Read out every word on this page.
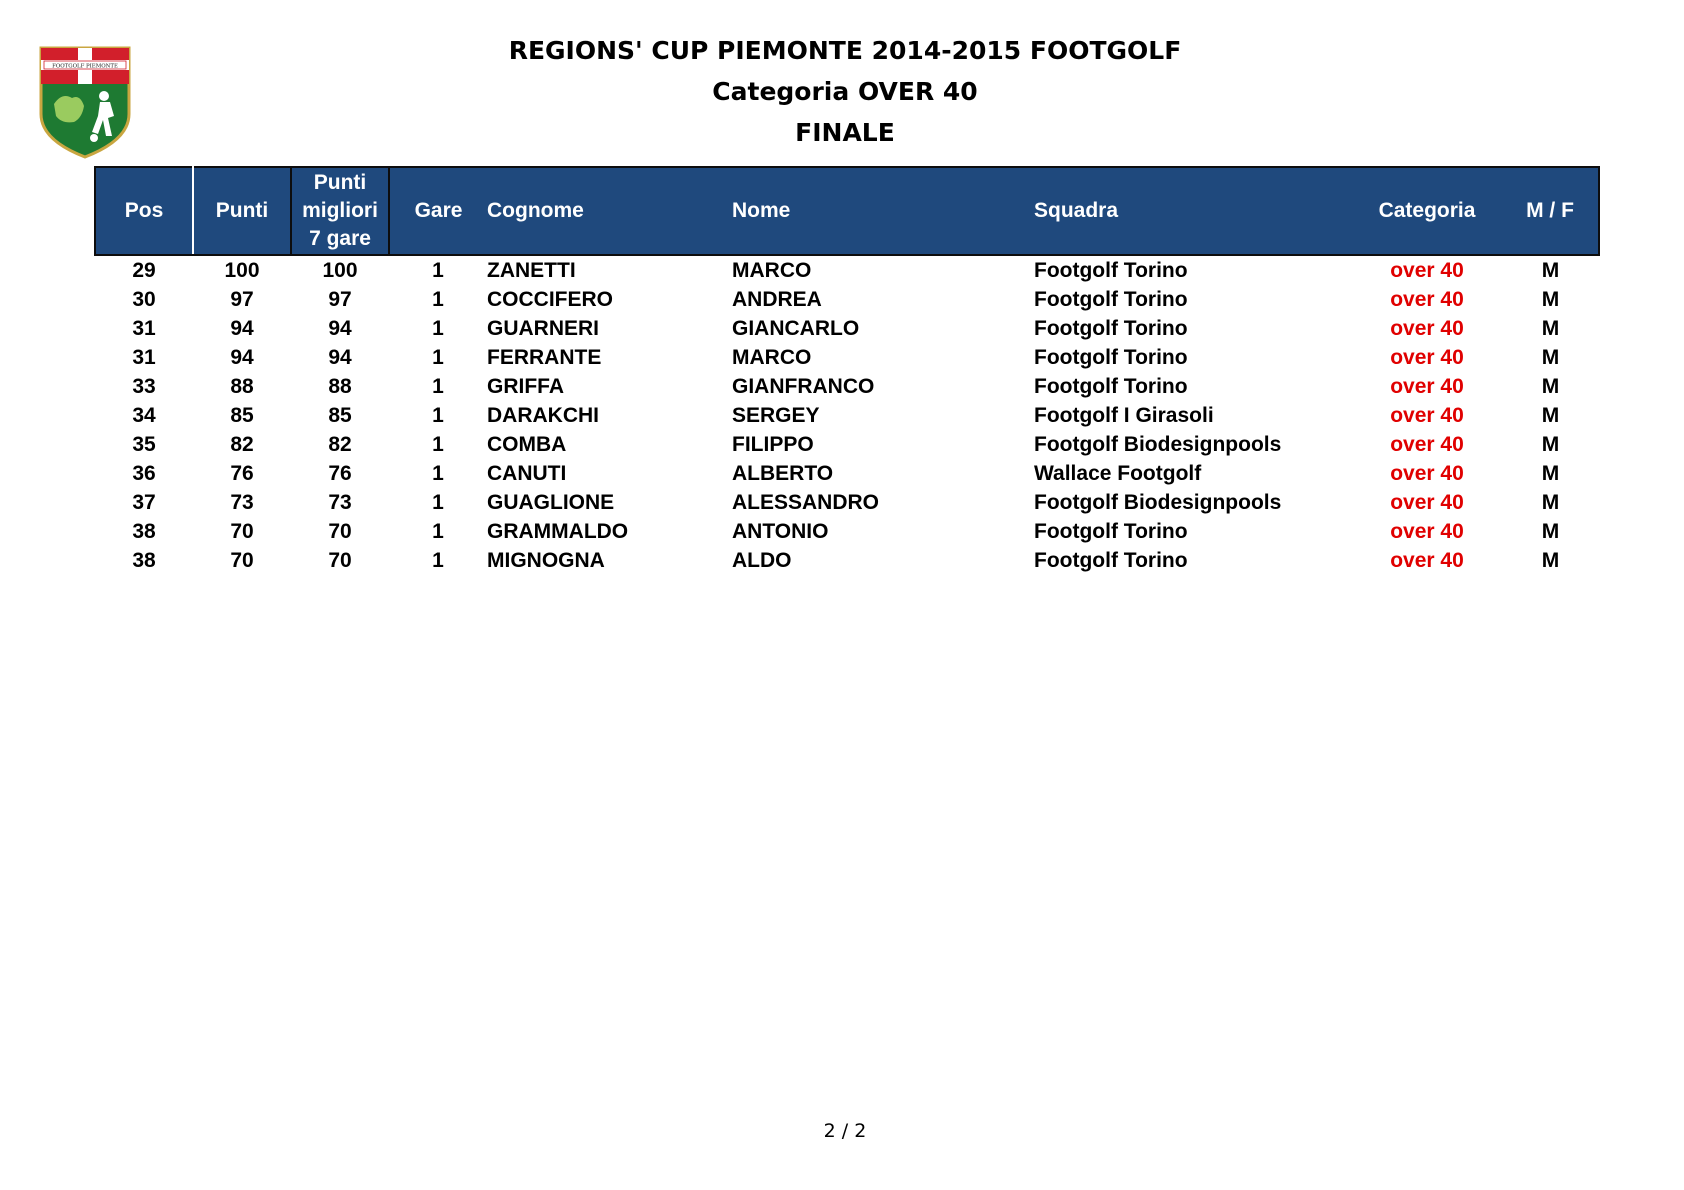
FOOTGOLF PIEMONTE
REGIONS' CUP PIEMONTE 2014-2015 FOOTGOLF
Categoria OVER 40
FINALE
Pos	Punti	Punti
migliori
7 gare	Gare	Cognome	Nome	Squadra	Categoria	M / F
29	100	100	1	ZANETTI	MARCO	Footgolf Torino	over 40	M
30	97	97	1	COCCIFERO	ANDREA	Footgolf Torino	over 40	M
31	94	94	1	GUARNERI	GIANCARLO	Footgolf Torino	over 40	M
31	94	94	1	FERRANTE	MARCO	Footgolf Torino	over 40	M
33	88	88	1	GRIFFA	GIANFRANCO	Footgolf Torino	over 40	M
34	85	85	1	DARAKCHI	SERGEY	Footgolf I Girasoli	over 40	M
35	82	82	1	COMBA	FILIPPO	Footgolf Biodesignpools	over 40	M
36	76	76	1	CANUTI	ALBERTO	Wallace Footgolf	over 40	M
37	73	73	1	GUAGLIONE	ALESSANDRO	Footgolf Biodesignpools	over 40	M
38	70	70	1	GRAMMALDO	ANTONIO	Footgolf Torino	over 40	M
38	70	70	1	MIGNOGNA	ALDO	Footgolf Torino	over 40	M
2 / 2
